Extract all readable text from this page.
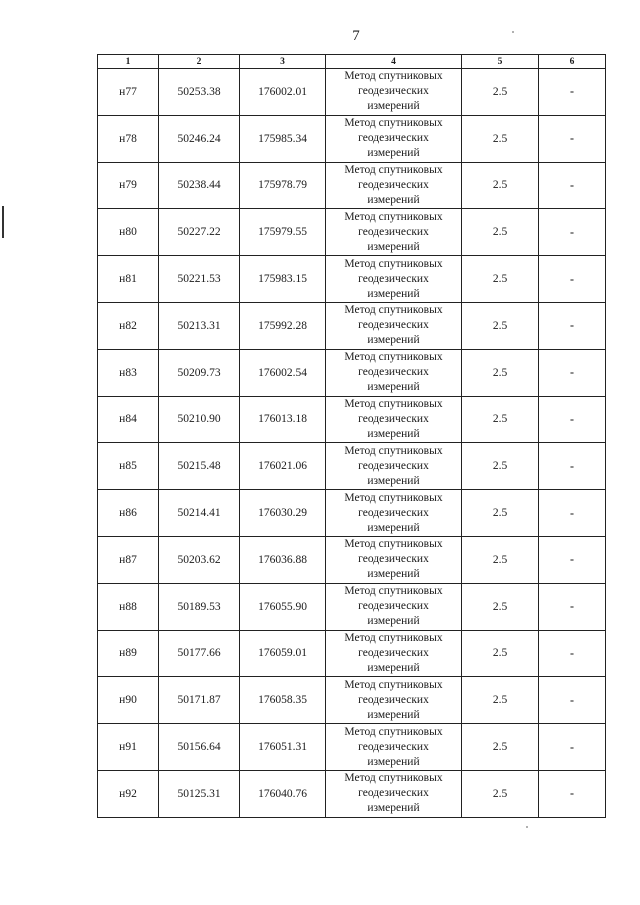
7
1	2	3	4	5	6
н77	50253.38	176002.01	Метод спутниковых
геодезических
измерений	2.5	-
н78	50246.24	175985.34	Метод спутниковых
геодезических
измерений	2.5	-
н79	50238.44	175978.79	Метод спутниковых
геодезических
измерений	2.5	-
н80	50227.22	175979.55	Метод спутниковых
геодезических
измерений	2.5	-
н81	50221.53	175983.15	Метод спутниковых
геодезических
измерений	2.5	-
н82	50213.31	175992.28	Метод спутниковых
геодезических
измерений	2.5	-
н83	50209.73	176002.54	Метод спутниковых
геодезических
измерений	2.5	-
н84	50210.90	176013.18	Метод спутниковых
геодезических
измерений	2.5	-
н85	50215.48	176021.06	Метод спутниковых
геодезических
измерений	2.5	-
н86	50214.41	176030.29	Метод спутниковых
геодезических
измерений	2.5	-
н87	50203.62	176036.88	Метод спутниковых
геодезических
измерений	2.5	-
н88	50189.53	176055.90	Метод спутниковых
геодезических
измерений	2.5	-
н89	50177.66	176059.01	Метод спутниковых
геодезических
измерений	2.5	-
н90	50171.87	176058.35	Метод спутниковых
геодезических
измерений	2.5	-
н91	50156.64	176051.31	Метод спутниковых
геодезических
измерений	2.5	-
н92	50125.31	176040.76	Метод спутниковых
геодезических
измерений	2.5	-
